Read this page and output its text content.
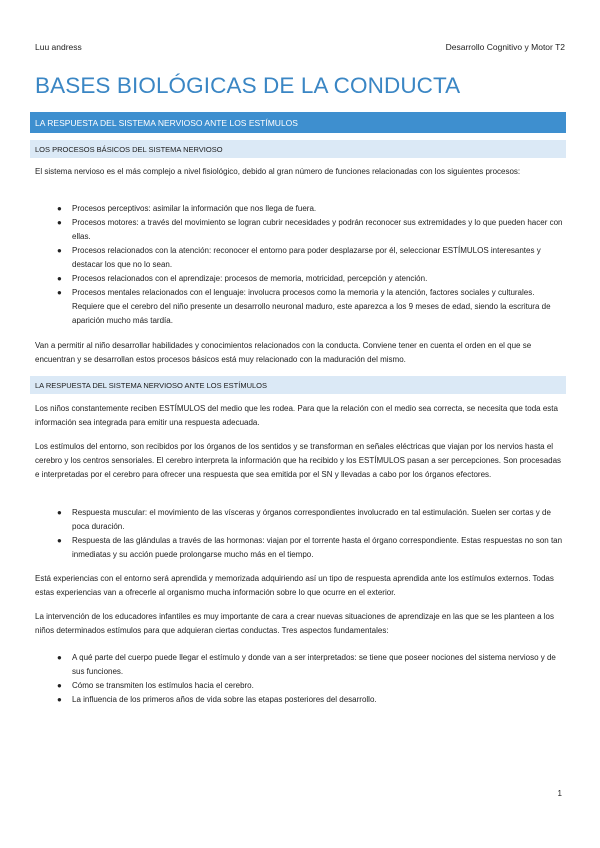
Luu andress	Desarrollo Cognitivo y Motor T2
BASES BIOLÓGICAS DE LA CONDUCTA
LA RESPUESTA DEL SISTEMA NERVIOSO ANTE LOS ESTÍMULOS
LOS PROCESOS BÁSICOS DEL SISTEMA NERVIOSO

El sistema nervioso es el más complejo a nivel fisiológico, debido al gran número de funciones relacionadas con los siguientes procesos:

● Procesos perceptivos: asimilar la información que nos llega de fuera.
● Procesos motores: a través del movimiento se logran cubrir necesidades y podrán reconocer sus extremidades y lo que pueden hacer con ellas.
● Procesos relacionados con la atención: reconocer el entorno para poder desplazarse por él, seleccionar ESTÍMULOS interesantes y destacar los que no lo sean.
● Procesos relacionados con el aprendizaje: procesos de memoria, motricidad, percepción y atención.
● Procesos mentales relacionados con el lenguaje: involucra procesos como la memoria y la atención, factores sociales y culturales. Requiere que el cerebro del niño presente un desarrollo neuronal maduro, este aparezca a los 9 meses de edad, siendo la escritura de aparición mucho más tardía.

Van a permitir al niño desarrollar habilidades y conocimientos relacionados con la conducta. Conviene tener en cuenta el orden en el que se encuentran y se desarrollan estos procesos básicos está muy relacionado con la maduración del mismo.

LA RESPUESTA DEL SISTEMA NERVIOSO ANTE LOS ESTÍMULOS

Los niños constantemente reciben ESTÍMULOS del medio que les rodea. Para que la relación con el medio sea correcta, se necesita que toda esta información sea integrada para emitir una respuesta adecuada.

Los estímulos del entorno, son recibidos por los órganos de los sentidos y se transforman en señales eléctricas que viajan por los nervios hasta el cerebro y los centros sensoriales. El cerebro interpreta la información que ha recibido y los ESTÍMULOS pasan a ser percepciones. Son procesadas e interpretadas por el cerebro para ofrecer una respuesta que sea emitida por el SN y llevadas a cabo por los órganos efectores.

● Respuesta muscular: el movimiento de las vísceras y órganos correspondientes involucrado en tal estimulación. Suelen ser cortas y de poca duración.
● Respuesta de las glándulas a través de las hormonas: viajan por el torrente hasta el órgano correspondiente. Estas respuestas no son tan inmediatas y su acción puede prolongarse mucho más en el tiempo.

Está experiencias con el entorno será aprendida y memorizada adquiriendo así un tipo de respuesta aprendida ante los estímulos externos. Todas estas experiencias van a ofrecerle al organismo mucha información sobre lo que ocurre en el exterior.

La intervención de los educadores infantiles es muy importante de cara a crear nuevas situaciones de aprendizaje en las que se les planteen a los niños determinados estímulos para que adquieran ciertas conductas. Tres aspectos fundamentales:

● A qué parte del cuerpo puede llegar el estímulo y donde van a ser interpretados: se tiene que poseer nociones del sistema nervioso y de sus funciones.
● Cómo se transmiten los estímulos hacia el cerebro.
● La influencia de los primeros años de vida sobre las etapas posteriores del desarrollo.
1
